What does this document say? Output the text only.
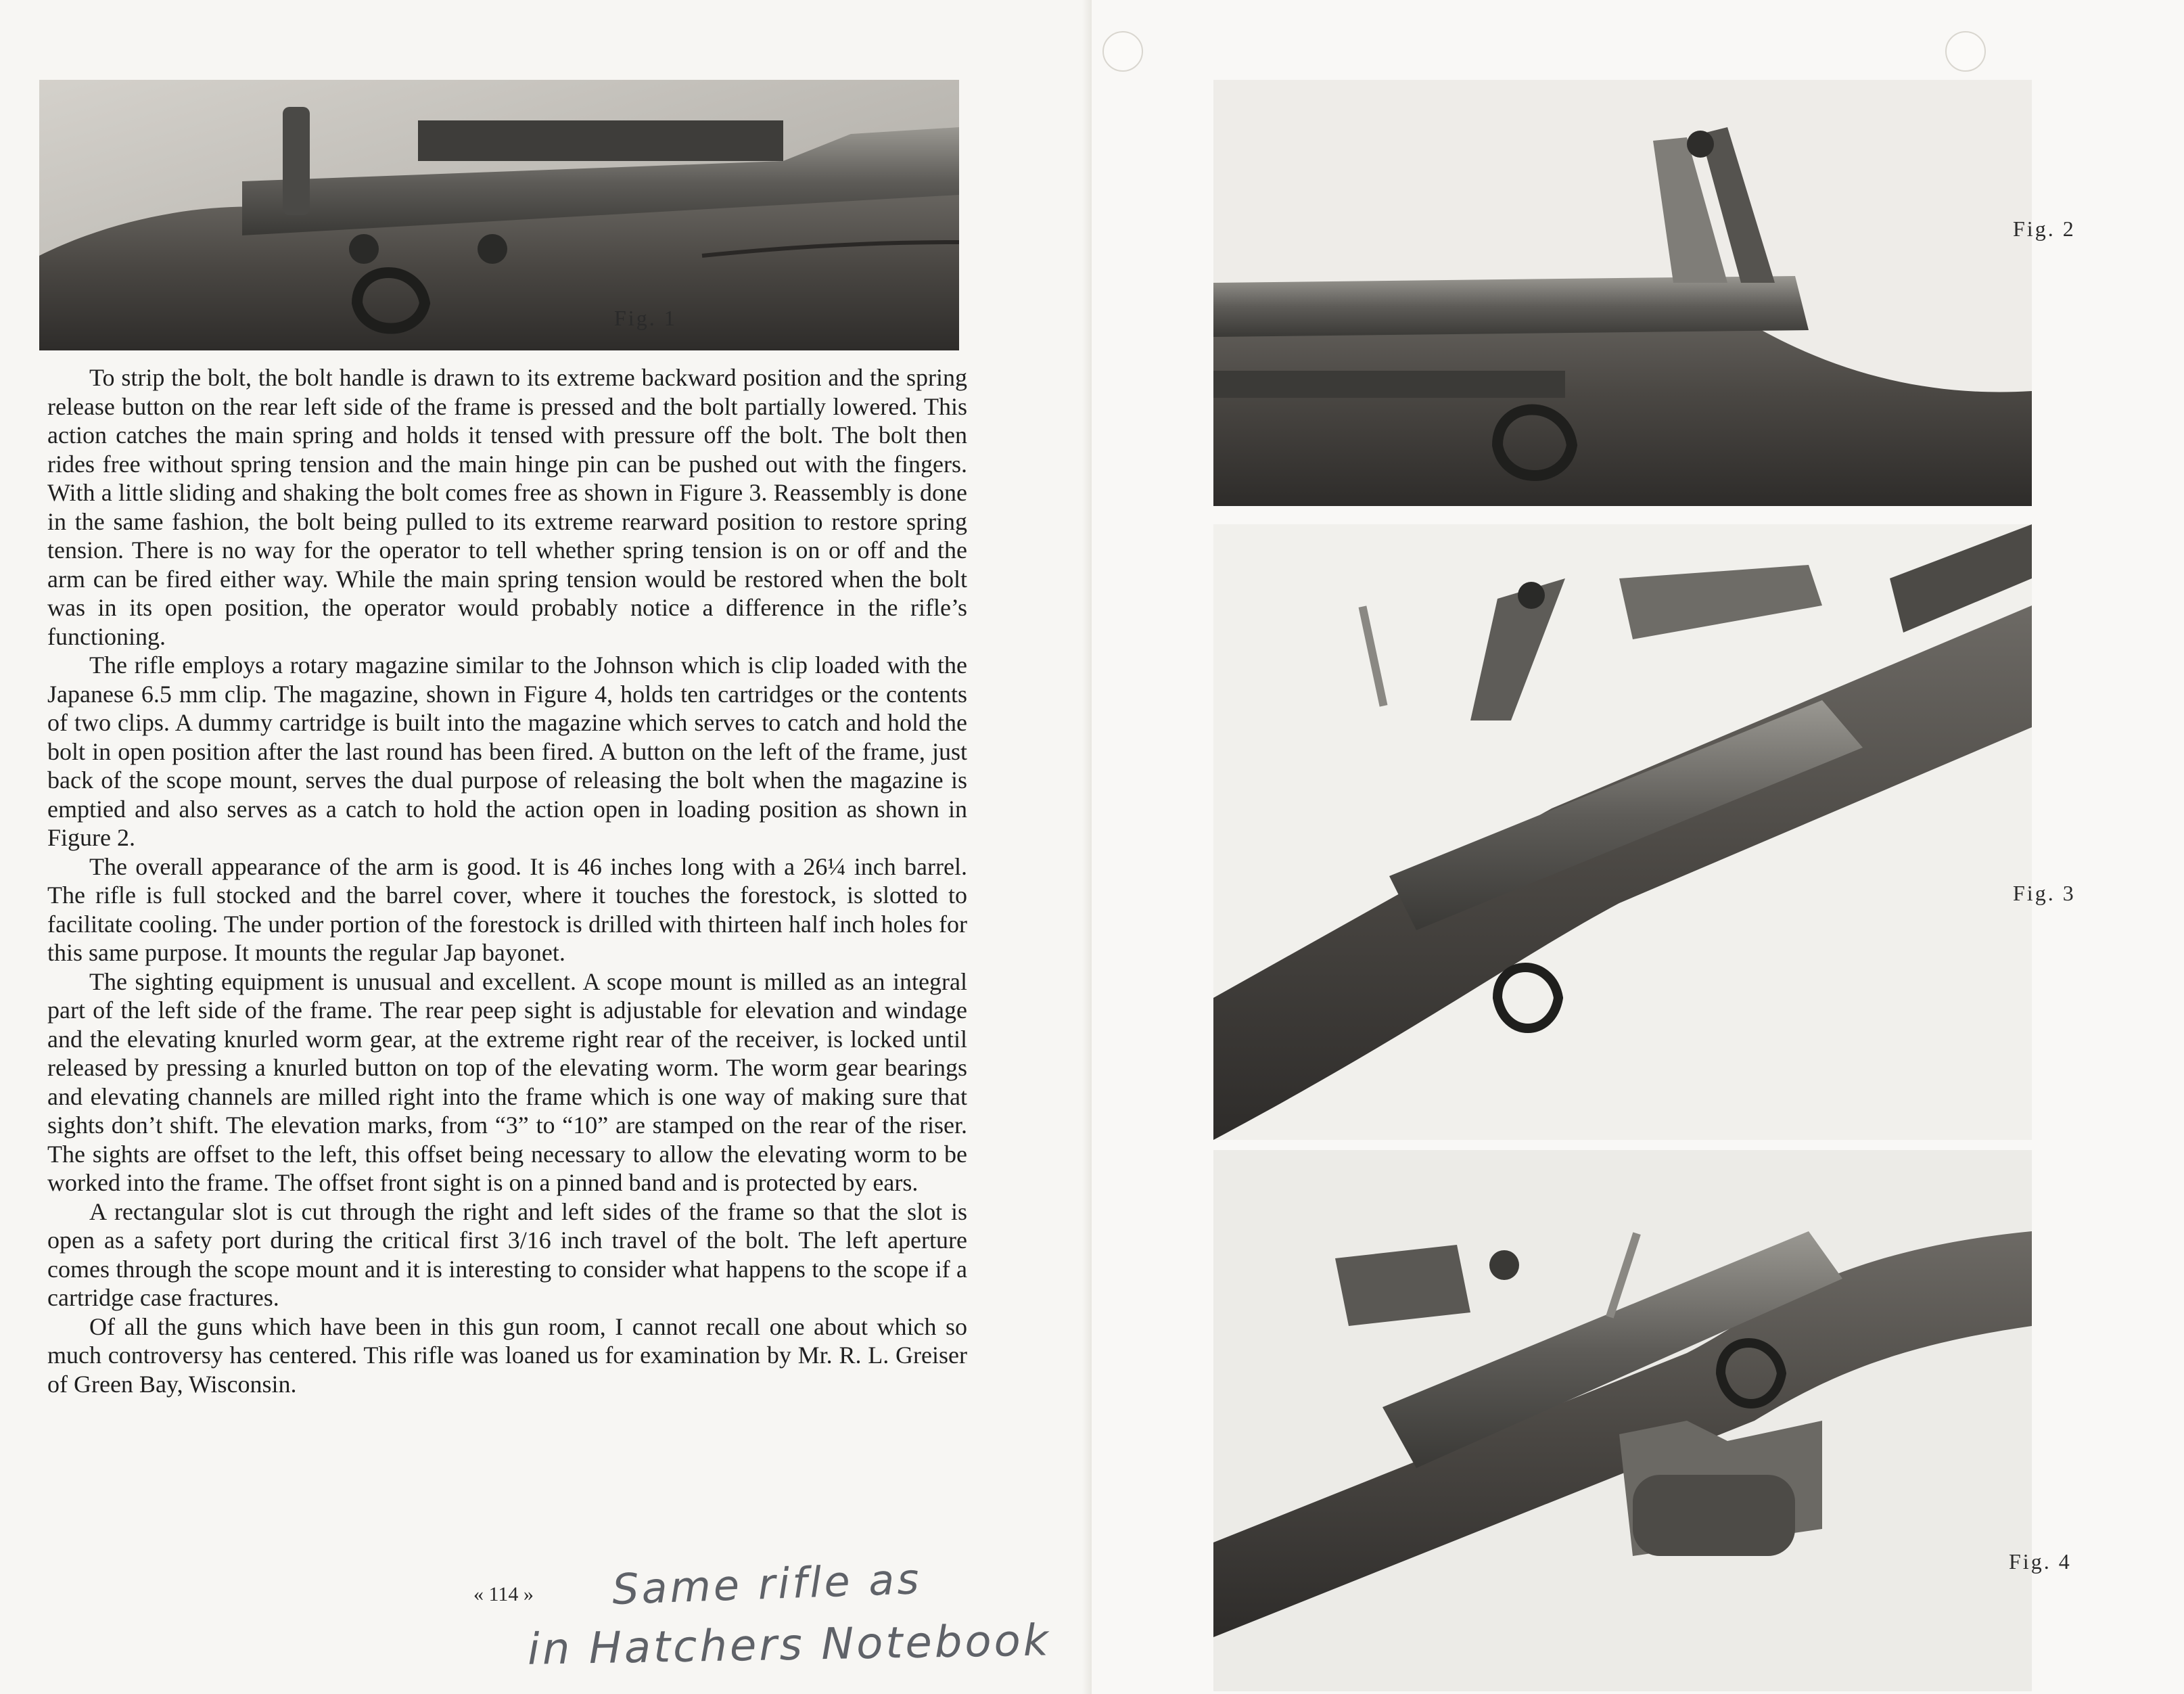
Fig. 1

To strip the bolt, the bolt handle is drawn to its extreme backward position and the spring release button on the rear left side of the frame is pressed and the bolt partially lowered. This action catches the main spring and holds it tensed with pressure off the bolt. The bolt then rides free without spring tension and the main hinge pin can be pushed out with the fingers. With a little sliding and shaking the bolt comes free as shown in Figure 3. Reassembly is done in the same fashion, the bolt being pulled to its extreme rearward position to restore spring tension. There is no way for the operator to tell whether spring tension is on or off and the arm can be fired either way. While the main spring tension would be restored when the bolt was in its open position, the operator would probably notice a difference in the rifle’s functioning.

The rifle employs a rotary magazine similar to the Johnson which is clip loaded with the Japanese 6.5 mm clip. The magazine, shown in Figure 4, holds ten cartridges or the contents of two clips. A dummy cartridge is built into the magazine which serves to catch and hold the bolt in open position after the last round has been fired. A button on the left of the frame, just back of the scope mount, serves the dual purpose of releasing the bolt when the magazine is emptied and also serves as a catch to hold the action open in loading position as shown in Figure 2.

The overall appearance of the arm is good. It is 46 inches long with a 26¼ inch barrel. The rifle is full stocked and the barrel cover, where it touches the forestock, is slotted to facilitate cooling. The under portion of the forestock is drilled with thirteen half inch holes for this same purpose. It mounts the regular Jap bayonet.

The sighting equipment is unusual and excellent. A scope mount is milled as an integral part of the left side of the frame. The rear peep sight is adjustable for elevation and windage and the elevating knurled worm gear, at the extreme right rear of the receiver, is locked until released by pressing a knurled button on top of the elevating worm. The worm gear bearings and elevating channels are milled right into the frame which is one way of making sure that sights don’t shift. The elevation marks, from “3” to “10” are stamped on the rear of the riser. The sights are offset to the left, this offset being necessary to allow the elevating worm to be worked into the frame. The offset front sight is on a pinned band and is protected by ears.

A rectangular slot is cut through the right and left sides of the frame so that the slot is open as a safety port during the critical first 3/16 inch travel of the bolt. The left aperture comes through the scope mount and it is interesting to consider what happens to the scope if a cartridge case fractures.

Of all the guns which have been in this gun room, I cannot recall one about which so much controversy has centered. This rifle was loaned us for examination by Mr. R. L. Greiser of Green Bay, Wisconsin.

« 114 » Same rifle as
in Hatchers Notebook
Fig. 2
Fig. 3
Fig. 4
